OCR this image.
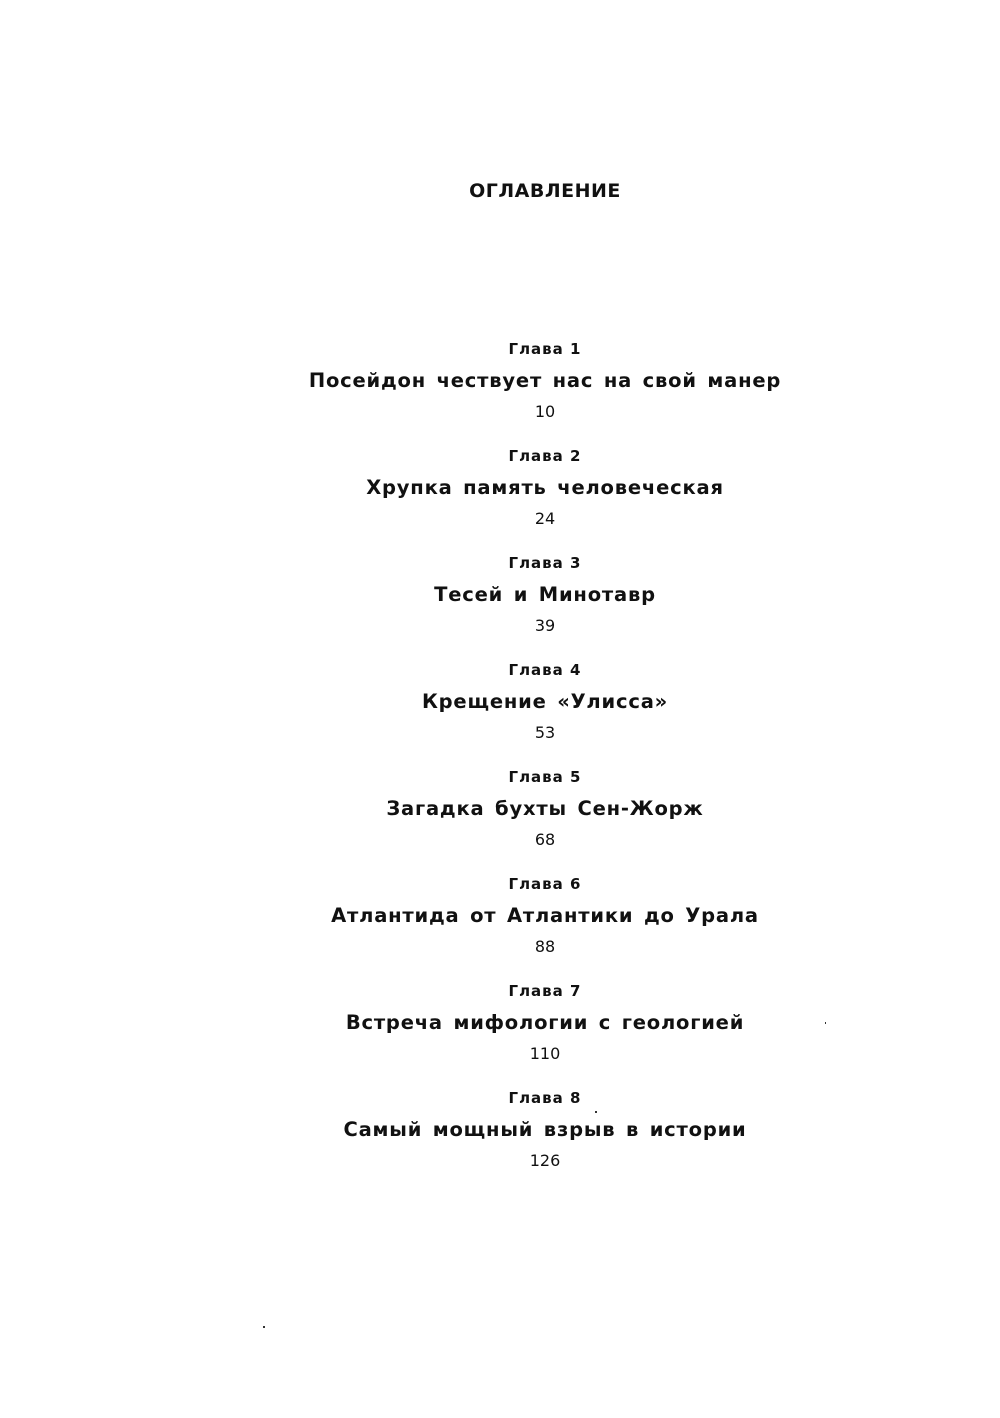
ОГЛАВЛЕНИЕ
Глава 1
Посейдон чествует нас на свой манер
10
Глава 2
Хрупка память человеческая
24
Глава 3
Тесей и Минотавр
39
Глава 4
Крещение «Улисса»
53
Глава 5
Загадка бухты Сен-Жорж
68
Глава 6
Атлантида от Атлантики до Урала
88
Глава 7
Встреча мифологии с геологией
110
Глава 8
Самый мощный взрыв в истории
126
